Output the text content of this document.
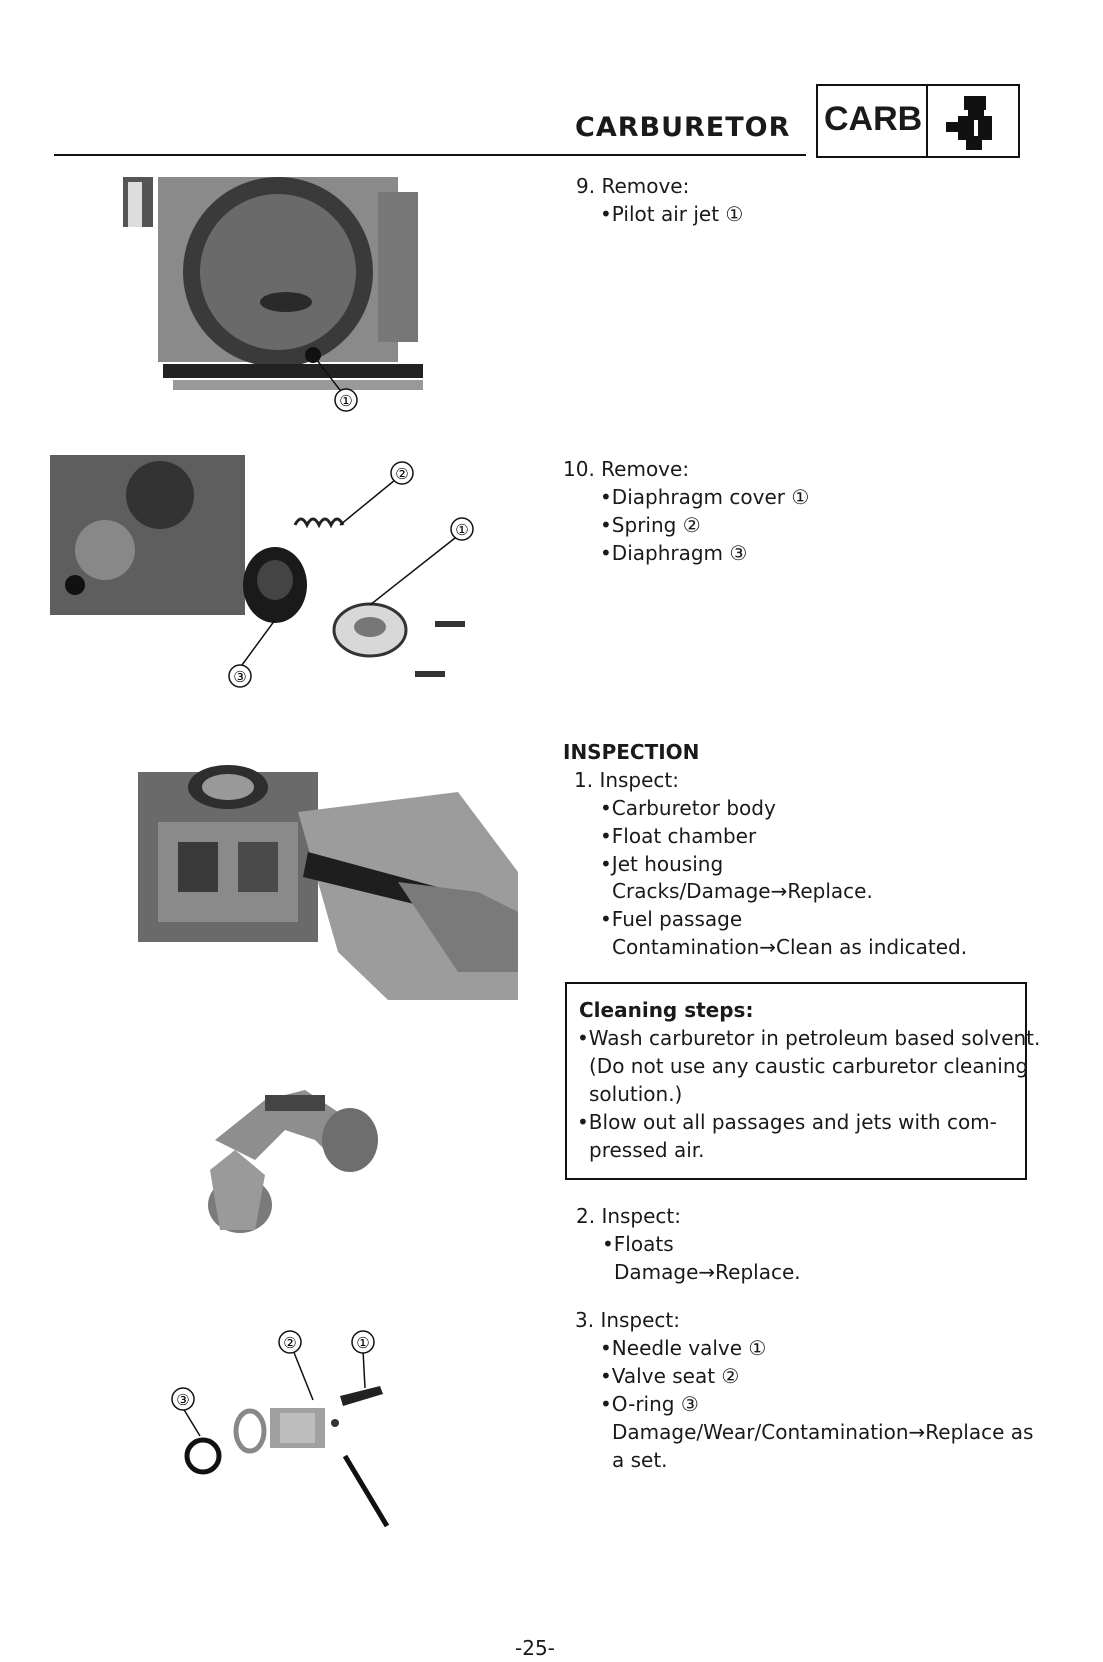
CARBURETOR CARB
①
9. Remove:
•Pilot air jet ①
②
①
③
10. Remove:
•Diaphragm cover ①
•Spring ②
•Diaphragm ③
INSPECTION
1. Inspect:
•Carburetor body
•Float chamber
•Jet housing
Cracks/Damage→Replace.
•Fuel passage
Contamination→Clean as indicated.
Cleaning steps:
•Wash carburetor in petroleum based solvent.
(Do not use any caustic carburetor cleaning
solution.)
•Blow out all passages and jets with com-
pressed air.
2. Inspect:
•Floats
Damage→Replace.
②	①
③
3. Inspect:
•Needle valve ①
•Valve seat ②
•O-ring ③
Damage/Wear/Contamination→Replace as
a set.
-25-
